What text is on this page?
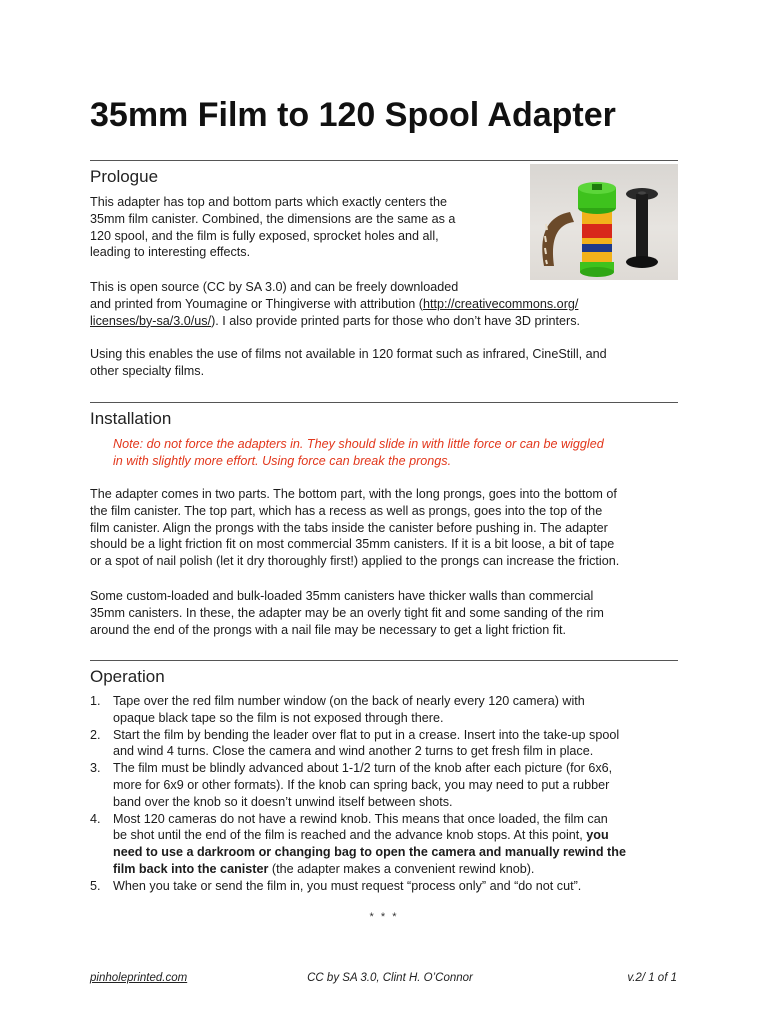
35mm Film to 120 Spool Adapter
Prologue

This adapter has top and bottom parts which exactly centers the
35mm film canister. Combined, the dimensions are the same as a
120 spool, and the film is fully exposed, sprocket holes and all,
leading to interesting effects.

This is open source (CC by SA 3.0) and can be freely downloaded
and printed from Youmagine or Thingiverse with attribution (http://creativecommons.org/
licenses/by-sa/3.0/us/). I also provide printed parts for those who don’t have 3D printers.

Using this enables the use of films not available in 120 format such as infrared, CineStill, and
other specialty films.

Installation

Note: do not force the adapters in. They should slide in with little force or can be wiggled
in with slightly more effort. Using force can break the prongs.

The adapter comes in two parts. The bottom part, with the long prongs, goes into the bottom of
the film canister. The top part, which has a recess as well as prongs, goes into the top of the
film canister. Align the prongs with the tabs inside the canister before pushing in. The adapter
should be a light friction fit on most commercial 35mm canisters. If it is a bit loose, a bit of tape
or a spot of nail polish (let it dry thoroughly first!) applied to the prongs can increase the friction.

Some custom-loaded and bulk-loaded 35mm canisters have thicker walls than commercial
35mm canisters. In these, the adapter may be an overly tight fit and some sanding of the rim
around the end of the prongs with a nail file may be necessary to get a light friction fit.

Operation
1. Tape over the red film number window (on the back of nearly every 120 camera) with
opaque black tape so the film is not exposed through there.
2. Start the film by bending the leader over flat to put in a crease. Insert into the take-up spool
and wind 4 turns. Close the camera and wind another 2 turns to get fresh film in place.
3. The film must be blindly advanced about 1-1/2 turn of the knob after each picture (for 6x6,
more for 6x9 or other formats). If the knob can spring back, you may need to put a rubber
band over the knob so it doesn’t unwind itself between shots.
4. Most 120 cameras do not have a rewind knob. This means that once loaded, the film can
be shot until the end of the film is reached and the advance knob stops. At this point, you
need to use a darkroom or changing bag to open the camera and manually rewind the
film back into the canister (the adapter makes a convenient rewind knob).
5. When you take or send the film in, you must request “process only” and “do not cut”.
* * *
pinholeprinted.com	CC by SA 3.0, Clint H. O’Connor	v.2/ 1 of 1
